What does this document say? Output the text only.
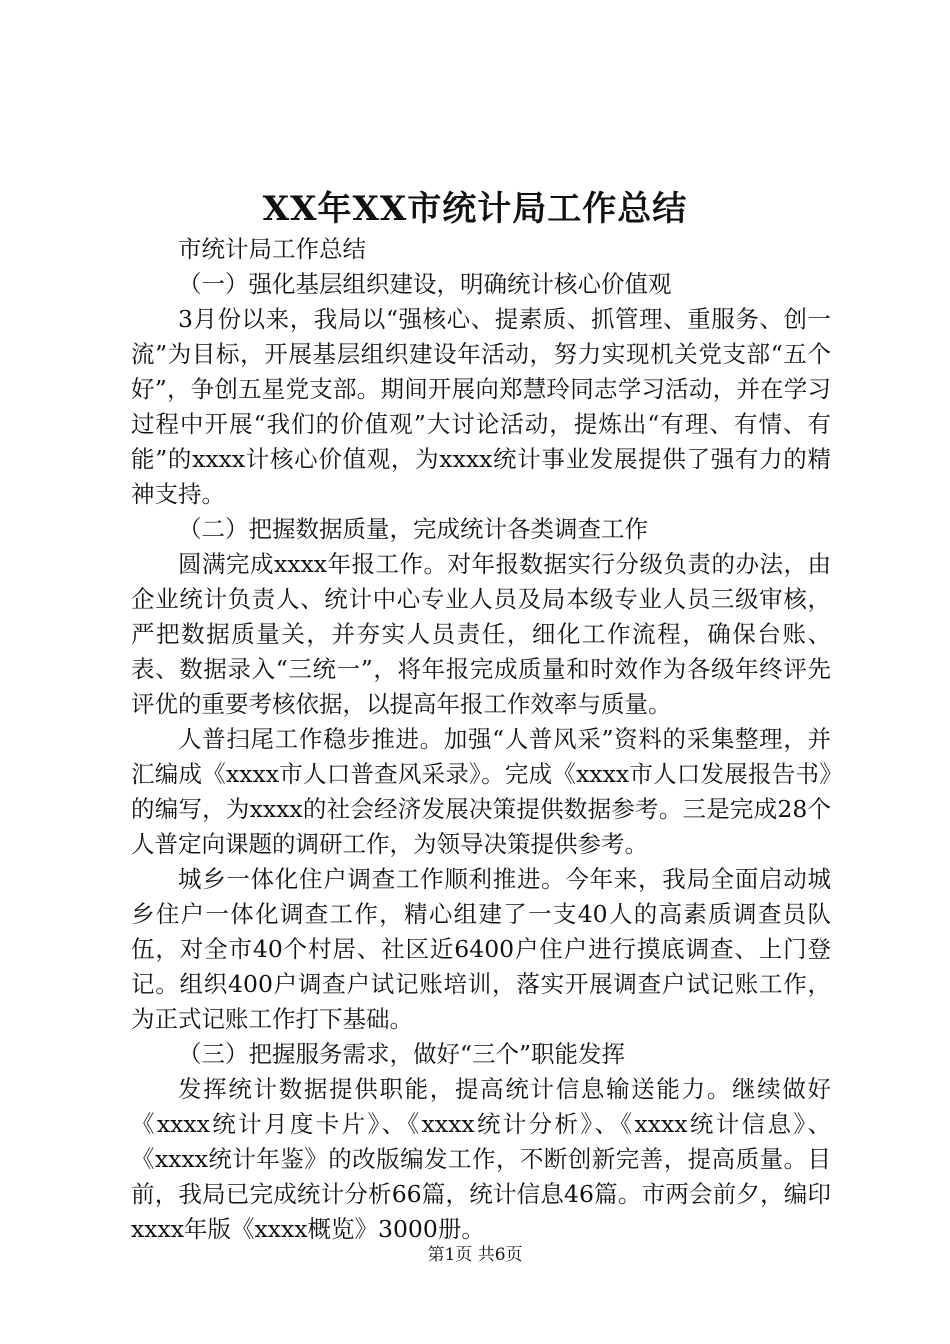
XX年XX市统计局工作总结

市统计局工作总结

（一）强化基层组织建设，明确统计核心价值观

3月份以来，我局以“强核心、提素质、抓管理、重服务、创一流”为目标，开展基层组织建设年活动，努力实现机关党支部“五个好”，争创五星党支部。期间开展向郑慧玲同志学习活动，并在学习过程中开展“我们的价值观”大讨论活动，提炼出“有理、有情、有能”的xxxx计核心价值观，为xxxx统计事业发展提供了强有力的精神支持。

（二）把握数据质量，完成统计各类调查工作

圆满完成xxxx年报工作。对年报数据实行分级负责的办法，由企业统计负责人、统计中心专业人员及局本级专业人员三级审核，严把数据质量关，并夯实人员责任，细化工作流程，确保台账、表、数据录入“三统一”，将年报完成质量和时效作为各级年终评先评优的重要考核依据，以提高年报工作效率与质量。

人普扫尾工作稳步推进。加强“人普风采”资料的采集整理，并汇编成《xxxx市人口普查风采录》。完成《xxxx市人口发展报告书》的编写，为xxxx的社会经济发展决策提供数据参考。三是完成28个人普定向课题的调研工作，为领导决策提供参考。

城乡一体化住户调查工作顺利推进。今年来，我局全面启动城乡住户一体化调查工作，精心组建了一支40人的高素质调查员队伍，对全市40个村居、社区近6400户住户进行摸底调查、上门登记。组织400户调查户试记账培训，落实开展调查户试记账工作，为正式记账工作打下基础。

（三）把握服务需求，做好“三个”职能发挥

发挥统计数据提供职能，提高统计信息输送能力。继续做好《xxxx统计月度卡片》、《xxxx统计分析》、《xxxx统计信息》、《xxxx统计年鉴》的改版编发工作，不断创新完善，提高质量。目前，我局已完成统计分析66篇，统计信息46篇。市两会前夕，编印xxxx年版《xxxx概览》3000册。

第1页 共6页
